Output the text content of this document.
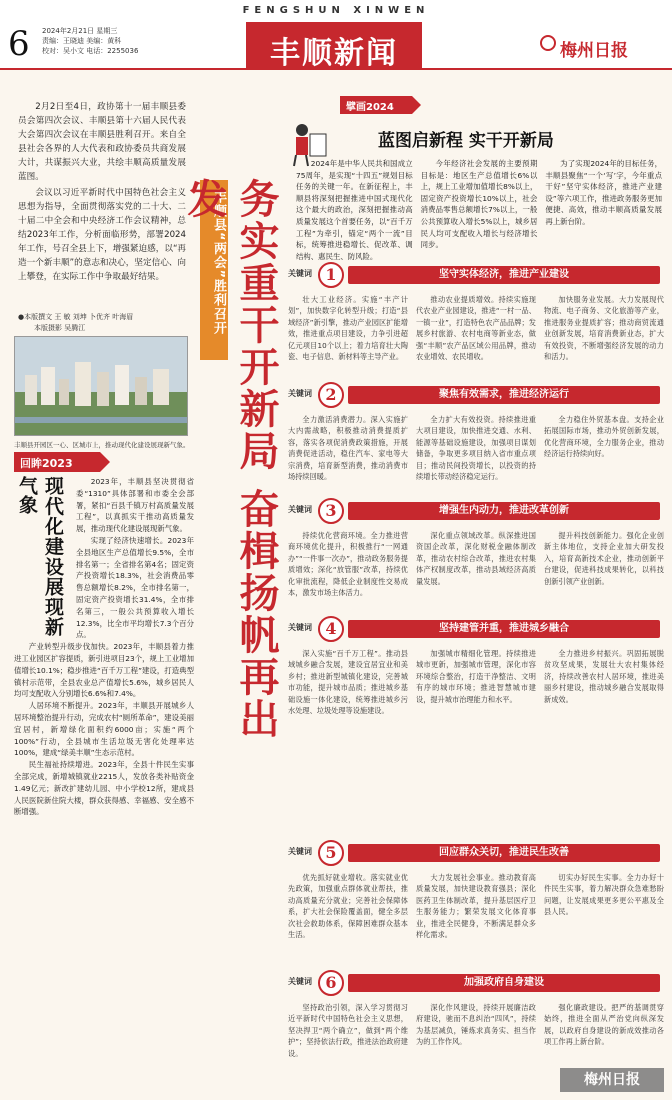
FENGSHUN XINWEN
6 2024年2月21日 星期三
责编：王晓迪 美编：黄科
校对：吴小文 电话：2255036	丰顺新闻	梅州日报

2月2日至4日，政协第十一届丰顺县委员会第四次会议、丰顺县第十六届人民代表大会第四次会议在丰顺县胜利召开。来自全县社会各界的人大代表和政协委员共商发展大计，共谋振兴大业，共绘丰顺高质量发展蓝图。

会议以习近平新时代中国特色社会主义思想为指导，全面贯彻落实党的二十大、二十届二中全会和中央经济工作会议精神，总结2023年工作，分析面临形势，部署2024年工作，号召全县上下，增强紧迫感，以“再造一个新丰顺”的意志和决心，坚定信心、向上攀登，在实际工作中争取最好结果。

●本版撰文 王 敏 刘坤 卜优齐 叶海眉
本版摄影 吴腾江
丰顺县开园区一心、区城市上，推动现代化建设展现新气象。
回眸2023
现代化建设展现新气象	2023年，丰顺县坚决贯彻省委“1310”具体部署和市委全会部署，紧扣“百县千镇万村高质量发展工程”，以真抓实干推动高质量发展，推动现代化建设展现新气象。

实现了经济快速增长。2023年全县地区生产总值增长9.5%，全市排名第一；全省排名第4名；固定资产投资增长18.3%，社会消费品零售总额增长8.2%，全市排名第一，固定资产投资增长31.4%，全市排名第三，一般公共预算收入增长12.3%，比全市平均增长7.3个百分点。

产业转型升级步伐加快。2023年，丰顺县着力推进工业园区扩容提质，新引进项目23个，规上工业增加值增长10.1%；稳步推进“百千万工程”建设，打造典型镇村示范带，全县农业总产值增长5.6%，城乡居民人均可支配收入分别增长6.6%和7.4%。

人居环境不断提升。2023年，丰顺县开展城乡人居环境整治提升行动，完成农村“厕所革命”，建设美丽宜居村，新增绿化面积约6000亩；实施“两个100%”行动，全县城市生活垃圾无害化处理率达100%，建成“绿美丰顺”生态示范村。

民生福祉持续增进。2023年，全县十件民生实事全部完成，新增城镇就业2215人，发放各类补贴资金1.49亿元；新改扩建幼儿园、中小学校12所，建成县人民医院新住院大楼，群众获得感、幸福感、安全感不断增强。

丰顺县“两会”胜利召开 务实重干开新局 奋楫扬帆再出发
擘画2024
蓝图启新程 实干开新局
2024年是中华人民共和国成立75周年，是实现“十四五”规划目标任务的关键一年。在新征程上，丰顺县将深刻把握推进中国式现代化这个最大的政治，深刻把握推动高质量发展这个首要任务，以“百千万工程”为牵引，锚定“两个一流”目标，统筹推进稳增长、促改革、调结构、惠民生、防风险。
今年经济社会发展的主要预期目标是：地区生产总值增长6%以上，规上工业增加值增长8%以上，固定资产投资增长10%以上，社会消费品零售总额增长7%以上，一般公共预算收入增长5%以上，城乡居民人均可支配收入增长与经济增长同步。
为了实现2024年的目标任务，丰顺县聚焦“一个‘写’字，今年重点干好”坚守实体经济，推进产业建设”等六项工作，推进政务服务更加便捷、高效，推动丰顺高质量发展再上新台阶。
关键词 1	坚守实体经济，推进产业建设
壮大工业经济。实施“丰产计划”，加快数字化转型升级；打造“县域经济”新引擎，推动产业园区扩能增效，推进重点项目建设，力争引进超亿元项目10个以上；着力培育壮大陶瓷、电子信息、新材料等主导产业。
推动农业提质增效。持续实施现代农业产业园建设，推进“一村一品、一镇一业”，打造特色农产品品牌；发展乡村旅游、农村电商等新业态，做强“丰顺”农产品区域公用品牌，推动农业增效、农民增收。
加快服务业发展。大力发展现代物流、电子商务、文化旅游等产业，推进服务业提质扩容；推动商贸流通业创新发展，培育消费新业态，扩大有效投资，不断增强经济发展的动力和活力。
关键词 2	聚焦有效需求，推进经济运行
全力激活消费潜力。深入实施扩大内需战略，积极推动消费提质扩容，落实各项促消费政策措施，开展消费促进活动，稳住汽车、家电等大宗消费，培育新型消费，推动消费市场持续回暖。
全力扩大有效投资。持续推进重大项目建设，加快推进交通、水利、能源等基础设施建设，加强项目谋划储备，争取更多项目纳入省市重点项目；推动民间投资增长，以投资的持续增长带动经济稳定运行。
全力稳住外贸基本盘。支持企业拓展国际市场，推动外贸创新发展，优化营商环境，全力服务企业，推动经济运行持续向好。
关键词 3	增强生内动力，推进改革创新
持续优化营商环境。全力推进营商环境优化提升，积极推行“一网通办”“一件事一次办”，推动政务服务提质增效；深化“放管服”改革，持续优化审批流程，降低企业制度性交易成本，激发市场主体活力。
深化重点领域改革。纵深推进国资国企改革，深化财税金融体制改革，推动农村综合改革，推进农村集体产权制度改革，推动县域经济高质量发展。
提升科技创新能力。强化企业创新主体地位，支持企业加大研发投入，培育高新技术企业，推动创新平台建设，促进科技成果转化，以科技创新引领产业创新。
关键词 4	坚持建管并重，推进城乡融合
深入实施“百千万工程”。推动县域城乡融合发展，建设宜居宜业和美乡村；推进新型城镇化建设，完善城市功能，提升城市品质；推进城乡基础设施一体化建设，统筹推进城乡污水处理、垃圾处理等设施建设。
加强城市精细化管理。持续推进城市更新，加强城市管理，深化市容环境综合整治，打造干净整洁、文明有序的城市环境；推进智慧城市建设，提升城市治理能力和水平。
全力推进乡村振兴。巩固拓展脱贫攻坚成果，发展壮大农村集体经济，持续改善农村人居环境，推进美丽乡村建设，推动城乡融合发展取得新成效。
关键词 5	回应群众关切，推进民生改善
优先抓好就业增收。落实就业优先政策，加强重点群体就业帮扶，推动高质量充分就业；完善社会保障体系，扩大社会保险覆盖面，健全多层次社会救助体系，保障困难群众基本生活。
大力发展社会事业。推动教育高质量发展，加快建设教育强县；深化医药卫生体制改革，提升基层医疗卫生服务能力；繁荣发展文化体育事业，推进全民健身，不断满足群众多样化需求。
切实办好民生实事。全力办好十件民生实事，着力解决群众急难愁盼问题，让发展成果更多更公平惠及全县人民。
关键词 6	加强政府自身建设
坚持政治引领，深入学习贯彻习近平新时代中国特色社会主义思想，坚决捍卫“两个确立”，做到“两个维护”；坚持依法行政，推进法治政府建设。
深化作风建设，持续开展廉洁政府建设，驰而不息纠治“四风”，持续为基层减负，锤炼求真务实、担当作为的工作作风。
强化廉政建设。把严的基调贯穿始终，推进全面从严治党向纵深发展，以政府自身建设的新成效推动各项工作再上新台阶。
梅州日报
